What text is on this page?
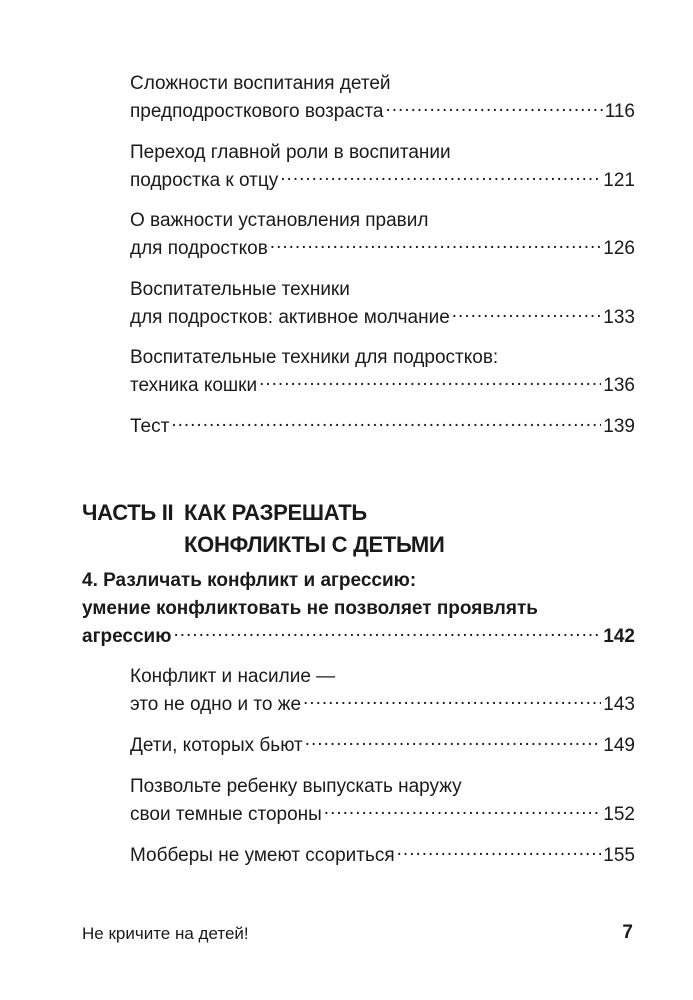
Сложности воспитания детей
предподросткового возраста .....	116
Переход главной роли в воспитании
подростка к отцу .....	121
О важности установления правил
для подростков .....	126
Воспитательные техники
для подростков: активное молчание .....	133
Воспитательные техники для подростков:
техника кошки .....	136
Тест .....	139
ЧАСТЬ II КАК РАЗРЕШАТЬ
КОНФЛИКТЫ С ДЕТЬМИ
4. Различать конфликт и агрессию:
умение конфликтовать не позволяет проявлять
агрессию .....	142
Конфликт и насилие —
это не одно и то же .....	143
Дети, которых бьют .....	149
Позвольте ребенку выпускать наружу
свои темные стороны .....	152
Мобберы не умеют ссориться .....	155
Не кричите на детей!	7
